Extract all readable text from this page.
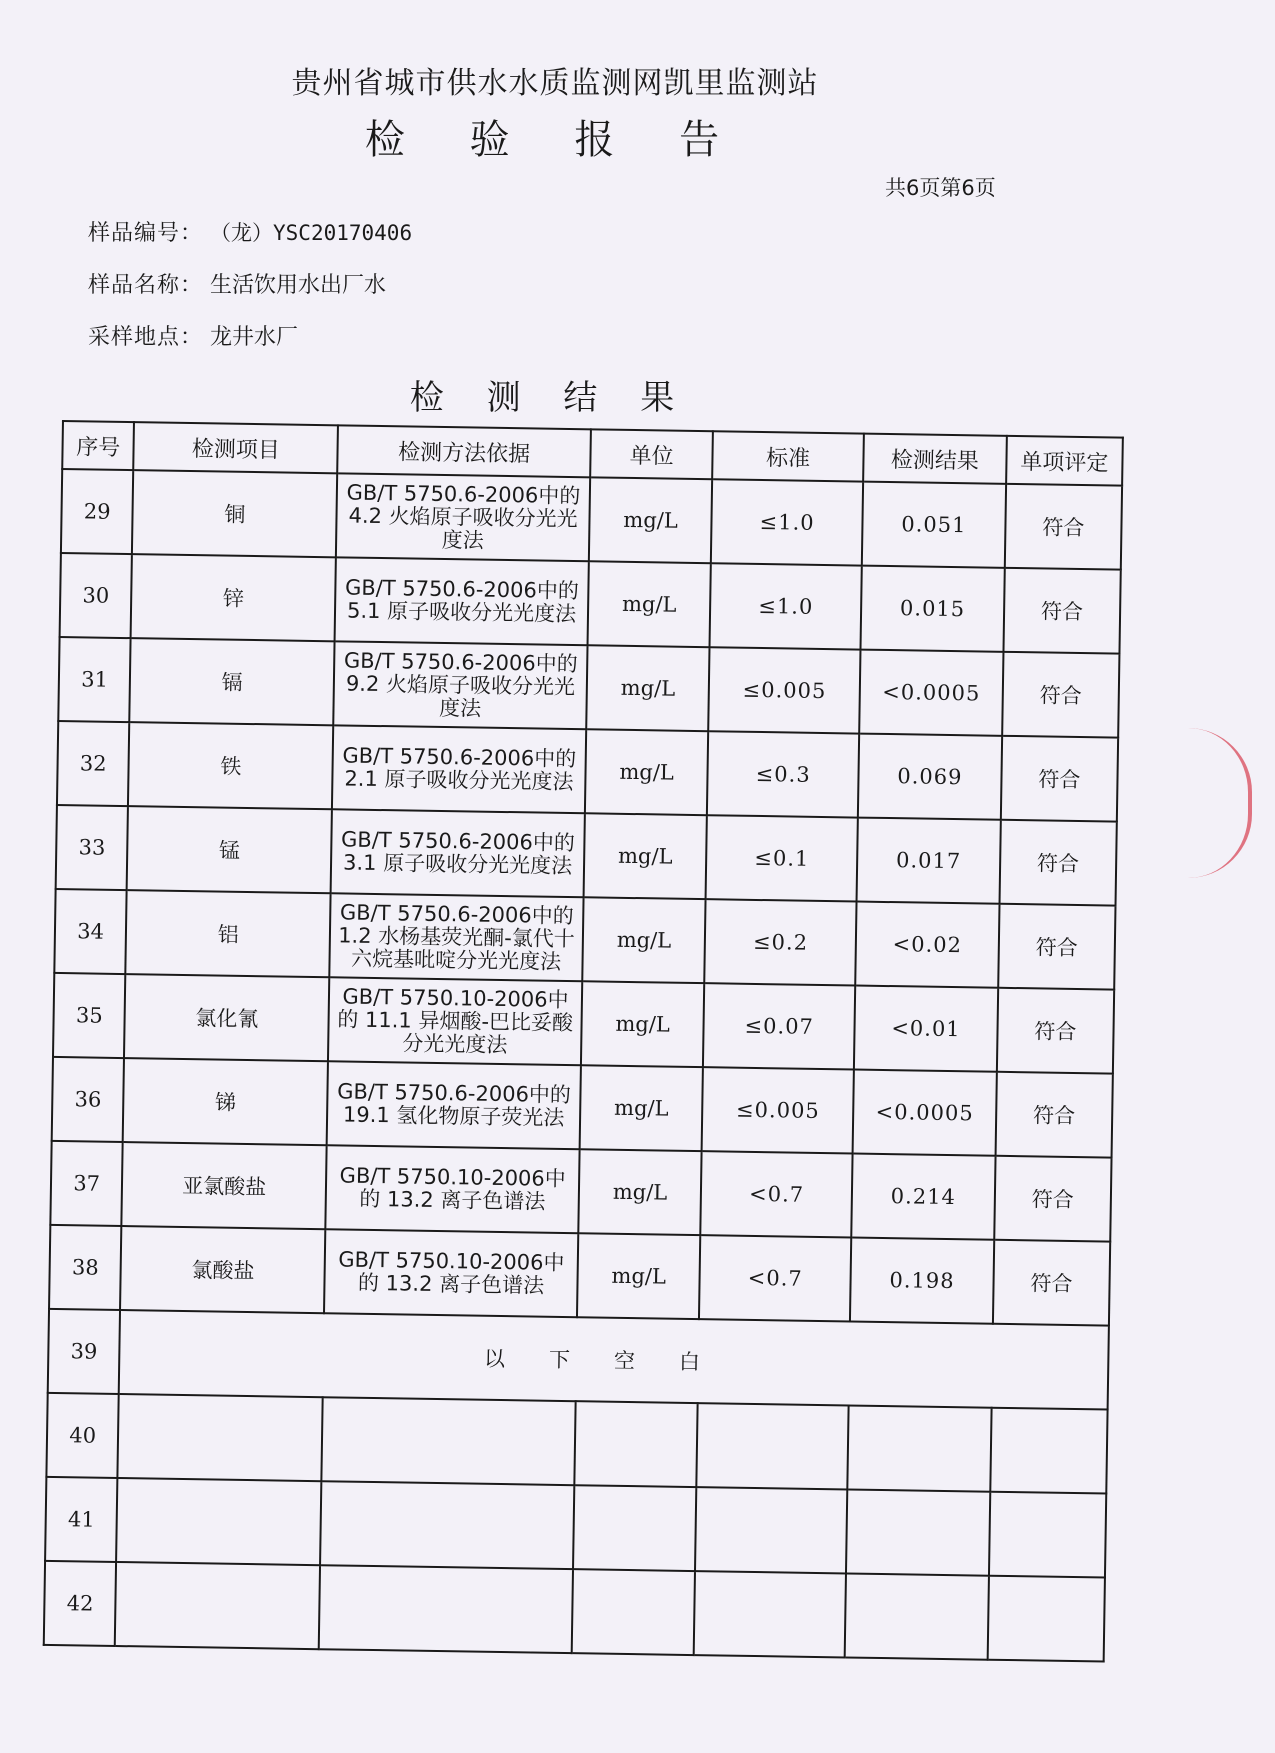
贵州省城市供水水质监测网凯里监测站
检 验 报 告
共6页第6页
样品编号： （龙）YSC20170406
样品名称： 生活饮用水出厂水
采样地点： 龙井水厂
检 测 结 果
序号	检测项目	检测方法依据	单位	标准	检测结果	单项评定
29	铜	GB/T 5750.6-2006中的 4.2 火焰原子吸收分光光度法	mg/L	≤1.0	0.051	符合
30	锌	GB/T 5750.6-2006中的 5.1 原子吸收分光光度法	mg/L	≤1.0	0.015	符合
31	镉	GB/T 5750.6-2006中的 9.2 火焰原子吸收分光光度法	mg/L	≤0.005	<0.0005	符合
32	铁	GB/T 5750.6-2006中的 2.1 原子吸收分光光度法	mg/L	≤0.3	0.069	符合
33	锰	GB/T 5750.6-2006中的 3.1 原子吸收分光光度法	mg/L	≤0.1	0.017	符合
34	铝	GB/T 5750.6-2006中的 1.2 水杨基荧光酮-氯代十六烷基吡啶分光光度法	mg/L	≤0.2	<0.02	符合
35	氯化氰	GB/T 5750.10-2006中的 11.1 异烟酸-巴比妥酸分光光度法	mg/L	≤0.07	<0.01	符合
36	锑	GB/T 5750.6-2006中的 19.1 氢化物原子荧光法	mg/L	≤0.005	<0.0005	符合
37	亚氯酸盐	GB/T 5750.10-2006中的 13.2 离子色谱法	mg/L	<0.7	0.214	符合
38	氯酸盐	GB/T 5750.10-2006中的 13.2 离子色谱法	mg/L	<0.7	0.198	符合
39	以下空白					
40						
41						
42						
